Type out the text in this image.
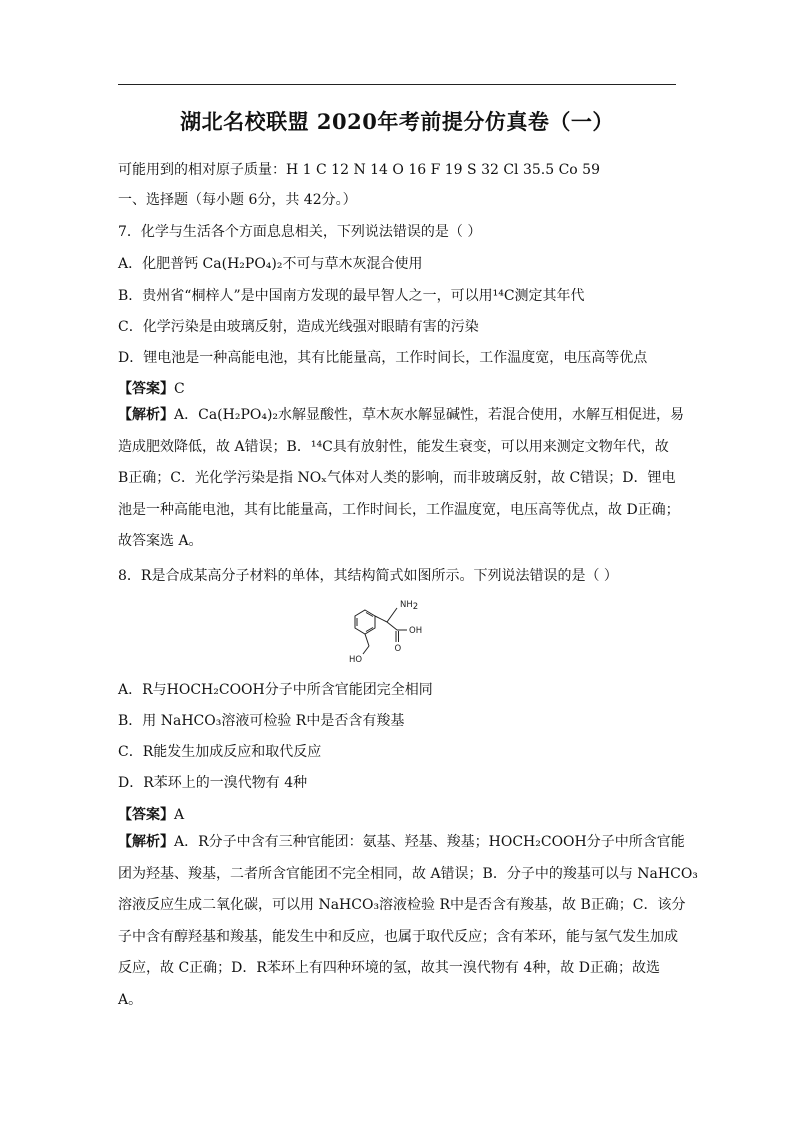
湖北名校联盟 2020年考前提分仿真卷（一）
可能用到的相对原子质量：H 1 C 12 N 14 O 16 F 19 S 32 Cl 35.5 Co 59
一、选择题（每小题 6分，共 42分。）
7．化学与生活各个方面息息相关，下列说法错误的是（ ）
A．化肥普钙 Ca(H₂PO₄)₂不可与草木灰混合使用
B．贵州省“桐梓人”是中国南方发现的最早智人之一，可以用¹⁴C测定其年代
C．化学污染是由玻璃反射，造成光线强对眼睛有害的污染
D．锂电池是一种高能电池，其有比能量高，工作时间长，工作温度宽，电压高等优点
【答案】C
【解析】A．Ca(H₂PO₄)₂水解显酸性，草木灰水解显碱性，若混合使用，水解互相促进，易
造成肥效降低，故 A错误；B．¹⁴C具有放射性，能发生衰变，可以用来测定文物年代，故
B正确；C．光化学污染是指 NOₓ气体对人类的影响，而非玻璃反射，故 C错误；D．锂电
池是一种高能电池，其有比能量高，工作时间长，工作温度宽，电压高等优点，故 D正确；
故答案选 A。
8．R是合成某高分子材料的单体，其结构简式如图所示。下列说法错误的是（ ）
NH2
OH
O
HO
A．R与HOCH₂COOH分子中所含官能团完全相同
B．用 NaHCO₃溶液可检验 R中是否含有羧基
C．R能发生加成反应和取代反应
D．R苯环上的一溴代物有 4种
【答案】A
【解析】A．R分子中含有三种官能团：氨基、羟基、羧基；HOCH₂COOH分子中所含官能
团为羟基、羧基，二者所含官能团不完全相同，故 A错误；B．分子中的羧基可以与 NaHCO₃
溶液反应生成二氧化碳，可以用 NaHCO₃溶液检验 R中是否含有羧基，故 B正确；C．该分
子中含有醇羟基和羧基，能发生中和反应，也属于取代反应；含有苯环，能与氢气发生加成
反应，故 C正确；D．R苯环上有四种环境的氢，故其一溴代物有 4种，故 D正确；故选
A。
